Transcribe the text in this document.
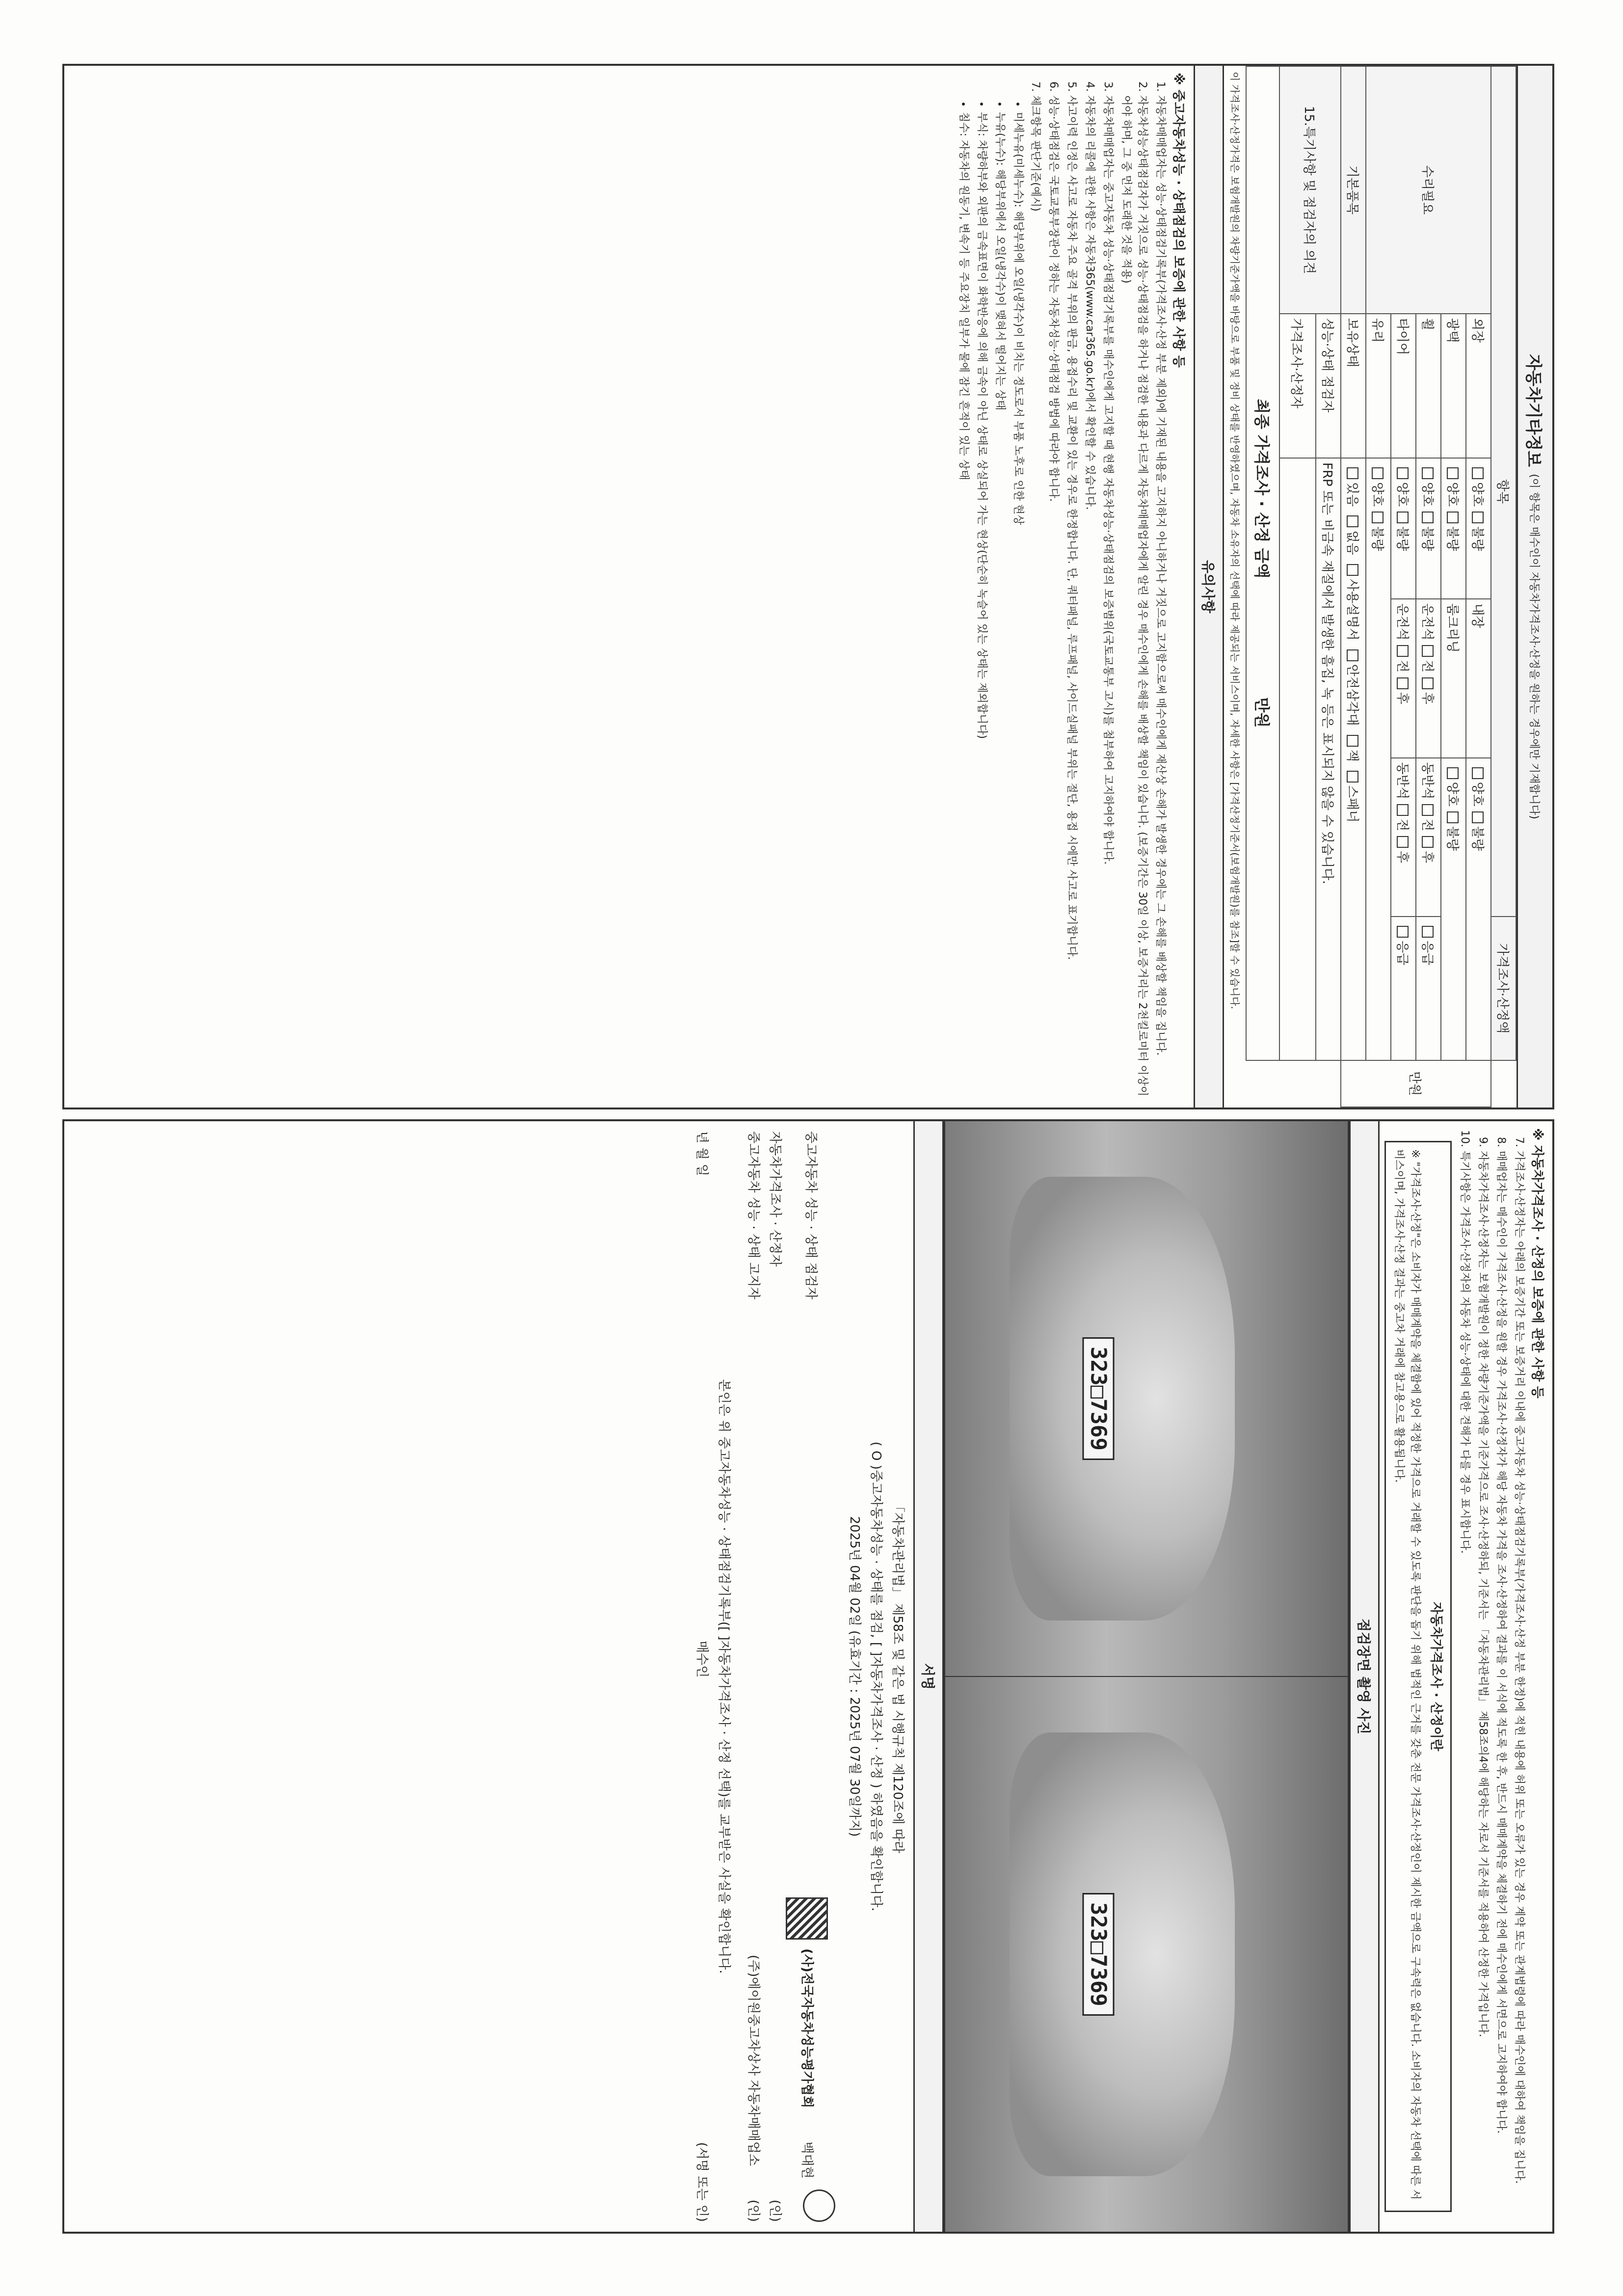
자동차기타정보
(이 항목은 매수인이 자동차가격조사·산정을 원하는 경우에만 기재합니다)
항목					가격조사·산정액	
수리필요	외장	양호불량	내장	양호불량		만원
	광택	양호불량	룸크리닝	양호불량		
	휠	양호불량	운전석전후	동반석전후	응급	
	타이어	양호불량	운전석전후	동반석전후	응급	
	유리	양호불량				
기본품목	보유상태	있음 없음 사용설명서 안전삼각대 잭 스패너				
15.특기사항 및 점검자의 의견	성능·상태 점검자	FRP 또는 비금속 재질에서 발생한 흠집, 녹 등은 표시되지 않을 수 있습니다.				
	가격조사·산정자					
최종 가격조사 · 산정 금액  만원						
이 가격조사·산정가격은 보험개발원의 차량기준가액을 바탕으로 부품 및 정비 상태를 반영하였으며, 자동차 소유자의 선택에 따라 제공되는 서비스이며, 자세한 사항은 [가격산정기준서(보험개발원)를 참조]할 수 있습니다.
유의사항
※ 중고자동차성능 · 상태점검의 보증에 관한 사항 등
1. 자동차매매업자는 성능·상태점검기록부(가격조사·산정 부분 제외)에 기재된 내용을 고지하지 아니하거나 거짓으로 고지함으로써 매수인에게 재산상 손해가 발생한 경우에는 그 손해를 배상할 책임을 집니다.
2. 자동차성능상태점검자가 거짓으로 성능·상태점검을 하거나 점검한 내용과 다르게 자동차매매업자에게 알린 경우 매수인에게 손해를 배상할 책임이 있습니다. (보증기간은 30일 이상, 보증거리는 2천킬로미터 이상이어야 하며, 그 중 먼저 도래한 것을 적용)
3. 자동차매매업자는 중고자동차 성능·상태점검기록부를 매수인에게 고지할 때 현행 자동차성능·상태점검의 보증범위(국토교통부 고시)를 첨부하여 고지하여야 합니다.
4. 자동차의 리콜에 관한 사항은 자동차365(www.car365.go.kr)에서 확인할 수 있습니다.
5. 사고이력 인정은 사고로 자동차 주요 골격 부위의 판금, 용접수리 및 교환이 있는 경우로 한정합니다. 단, 쿼터패널, 루프패널, 사이드실패널 부위는 절단, 용접 시에만 사고로 표기합니다.
6. 성능·상태점검은 국토교통부장관이 정하는 자동차성능·상태점검 방법에 따라야 합니다.
7. 체크항목 판단기준(예시)
• 미세누유(미세누수): 해당부위에 오일(냉각수)이 비치는 정도로서 부품 노후로 인한 현상
• 누유(누수): 해당부위에서 오일(냉각수)이 맺혀서 떨어지는 상태
• 부식: 차량하부와 외판의 금속표면이 화학반응에 의해 금속이 아닌 상태로 상실되어 가는 현상(단순히 녹슬어 있는 상태는 제외합니다)
• 침수: 자동차의 원동기, 변속기 등 주요장치 일부가 물에 잠긴 흔적이 있는 상태
※ 자동차가격조사 · 산정의 보증에 관한 사항 등
7. 가격조사·산정자는 아래의 보증기간 또는 보증거리 이내에 중고자동차 성능·상태점검기록부(가격조사·산정 부분 한정)에 적힌 내용에 허위 또는 오류가 있는 경우 계약 또는 관계법령에 따라 매수인에 대하여 책임을 집니다.
8. 매매업자는 매수인이 가격조사·산정을 원할 경우 가격조사·산정자가 해당 자동차 가격을 조사·산정하여 결과를 이 서식에 적도록 한 후, 반드시 매매계약을 체결하기 전에 매수인에게 서면으로 고지하여야 합니다.
9. 자동차가격조사·산정자는 보험개발원이 정한 차량기준가액을 기준가격으로 조사·산정하되, 기준서는 「자동차관리법」 제58조의4에 해당하는 자로서 기준서를 적용하여 산정한 가격입니다.
10. 특기사항은 가격조사·산정자의 자동차 성능·상태에 대한 견해가 다를 경우 표시합니다.
자동차가격조사 · 산정이란
※ "가격조사·산정"은 소비자가 매매계약을 체결함에 있어 적정한 가격으로 거래할 수 있도록 판단을 돕기 위해 법적인 근거를 갖춘 전문 가격조사·산정인이 제시한 금액으로 구속력은 없습니다. 소비자의 자동차 선택에 따른 서비스이며, 가격조사·산정 결과는 중고차 거래에 참고용으로 활용됩니다.
점검장면 촬영 사진
323□7369
323□7369
서명
「자동차관리법」 제58조 및 같은 법 시행규칙 제120조에 따라
( O )중고자동차성능 · 상태를 점검, [ ]자동차가격조사 · 산정 ) 하였음을 확인합니다.
2025년 04월 02일 (유효기간 : 2025년 07월 30일까지)
중고자동차 성능 · 상태 점검자
(사)전국자동차성능평가협회 백대현
자동차가격조사 · 산정자
(인)
중고자동차 성능 · 상태 고지자
(주)에이원중고차상사 자동차매매업소 (인)
본인은 위 중고자동차성능 · 상태점검기록부([ ]자동차가격조사 · 산정 선택)를 교부받은 사실을 확인합니다.
년 월 일
매수인
(서명 또는 인)
